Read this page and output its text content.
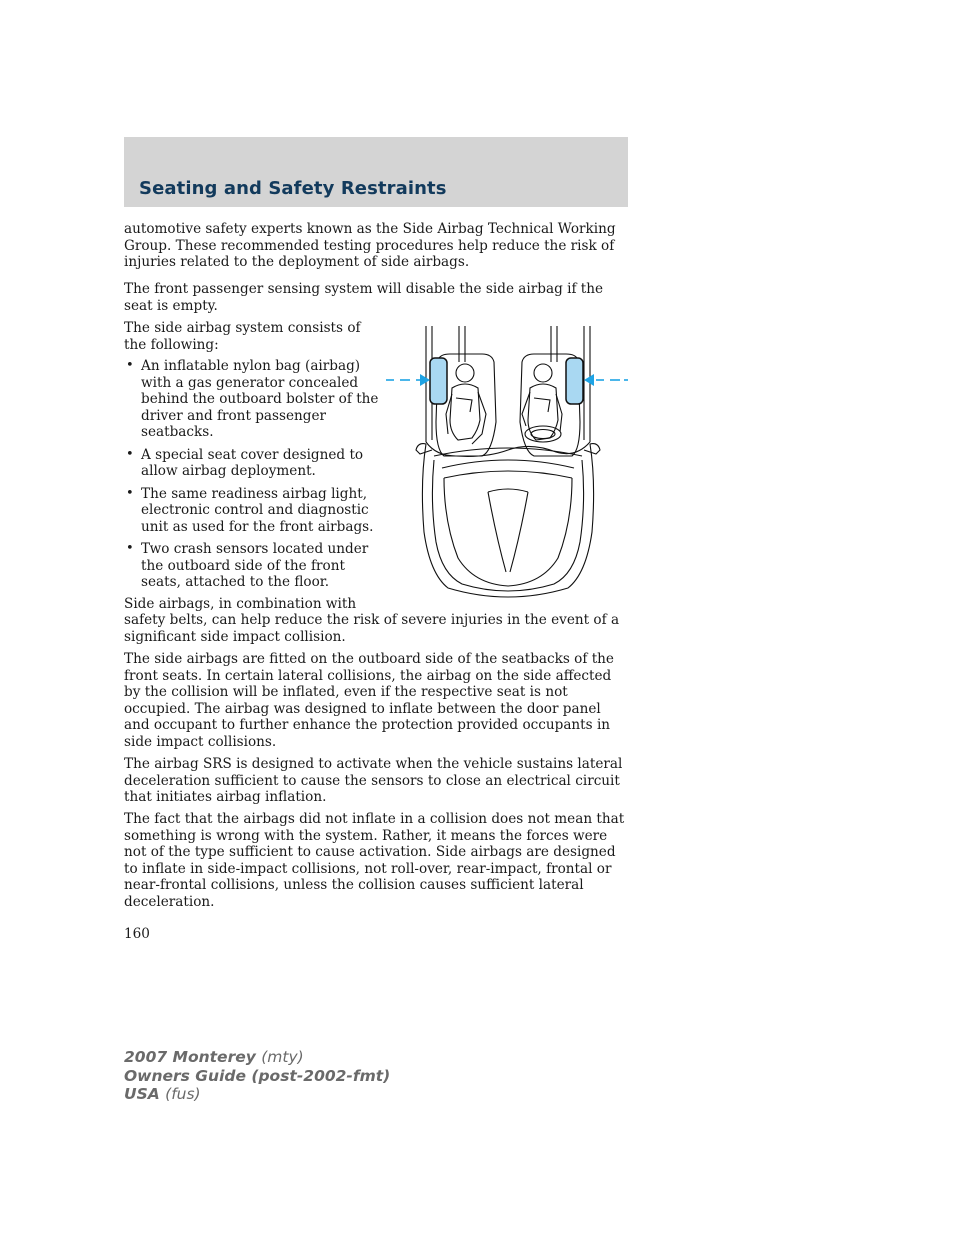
Seating and Safety Restraints

automotive safety experts known as the Side Airbag Technical Working Group. These recommended testing procedures help reduce the risk of injuries related to the deployment of side airbags.

The front passenger sensing system will disable the side airbag if the seat is empty.

The side airbag system consists of the following:

• An inflatable nylon bag (airbag) with a gas generator concealed behind the outboard bolster of the driver and front passenger seatbacks.
• A special seat cover designed to allow airbag deployment.
• The same readiness airbag light, electronic control and diagnostic unit as used for the front airbags.
• Two crash sensors located under the outboard side of the front seats, attached to the floor.

Side airbags, in combination with

safety belts, can help reduce the risk of severe injuries in the event of a significant side impact collision.

The side airbags are fitted on the outboard side of the seatbacks of the front seats. In certain lateral collisions, the airbag on the side affected by the collision will be inflated, even if the respective seat is not occupied. The airbag was designed to inflate between the door panel and occupant to further enhance the protection provided occupants in side impact collisions.

The airbag SRS is designed to activate when the vehicle sustains lateral deceleration sufficient to cause the sensors to close an electrical circuit that initiates airbag inflation.

The fact that the airbags did not inflate in a collision does not mean that something is wrong with the system. Rather, it means the forces were not of the type sufficient to cause activation. Side airbags are designed to inflate in side-impact collisions, not roll-over, rear-impact, frontal or near-frontal collisions, unless the collision causes sufficient lateral deceleration.

160

2007 Monterey (mty)
Owners Guide (post-2002-fmt)
USA (fus)
